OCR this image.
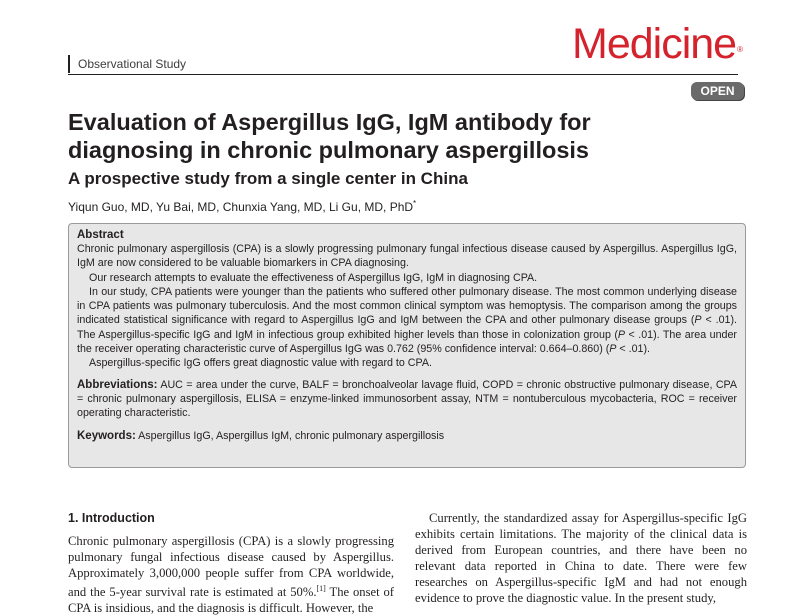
Observational Study	Medicine®
OPEN
Evaluation of Aspergillus IgG, IgM antibody for
diagnosing in chronic pulmonary aspergillosis
A prospective study from a single center in China
Yiqun Guo, MD, Yu Bai, MD, Chunxia Yang, MD, Li Gu, MD, PhD*
Abstract
Chronic pulmonary aspergillosis (CPA) is a slowly progressing pulmonary fungal infectious disease caused by Aspergillus. Aspergillus IgG, IgM are now considered to be valuable biomarkers in CPA diagnosing.
Our research attempts to evaluate the effectiveness of Aspergillus IgG, IgM in diagnosing CPA.
In our study, CPA patients were younger than the patients who suffered other pulmonary disease. The most common underlying disease in CPA patients was pulmonary tuberculosis. And the most common clinical symptom was hemoptysis. The comparison among the groups indicated statistical significance with regard to Aspergillus IgG and IgM between the CPA and other pulmonary disease groups (P < .01). The Aspergillus-specific IgG and IgM in infectious group exhibited higher levels than those in colonization group (P < .01). The area under the receiver operating characteristic curve of Aspergillus IgG was 0.762 (95% confidence interval: 0.664–0.860) (P < .01).
Aspergillus-specific IgG offers great diagnostic value with regard to CPA.
Abbreviations: AUC = area under the curve, BALF = bronchoalveolar lavage fluid, COPD = chronic obstructive pulmonary disease, CPA = chronic pulmonary aspergillosis, ELISA = enzyme-linked immunosorbent assay, NTM = nontuberculous mycobacteria, ROC = receiver operating characteristic.
Keywords: Aspergillus IgG, Aspergillus IgM, chronic pulmonary aspergillosis
1. Introduction
Chronic pulmonary aspergillosis (CPA) is a slowly progressing pulmonary fungal infectious disease caused by Aspergillus. Approximately 3,000,000 people suffer from CPA worldwide, and the 5-year survival rate is estimated at 50%.[1] The onset of CPA is insidious, and the diagnosis is difficult. However, the
Currently, the standardized assay for Aspergillus-specific IgG exhibits certain limitations. The majority of the clinical data is derived from European countries, and there have been no relevant data reported in China to date. There were few researches on Aspergillus-specific IgM and had not enough evidence to prove the diagnostic value. In the present study,
